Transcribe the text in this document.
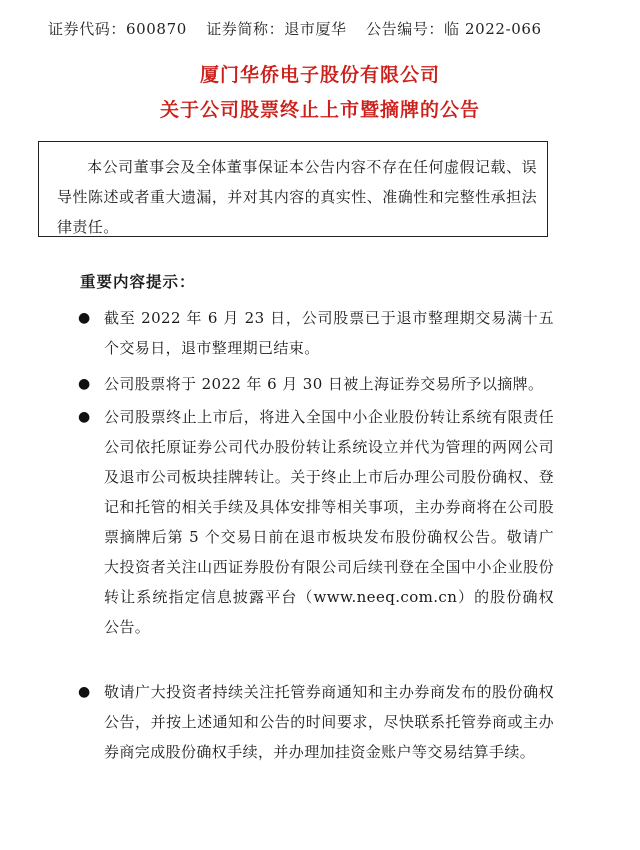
证券代码：600870 证券简称：退市厦华 公告编号：临 2022-066
厦门华侨电子股份有限公司
关于公司股票终止上市暨摘牌的公告
本公司董事会及全体董事保证本公告内容不存在任何虚假记载、误导性陈述或者重大遗漏，并对其内容的真实性、准确性和完整性承担法律责任。
重要内容提示：
● 截至 2022 年 6 月 23 日，公司股票已于退市整理期交易满十五个交易日，退市整理期已结束。
● 公司股票将于 2022 年 6 月 30 日被上海证券交易所予以摘牌。
● 公司股票终止上市后，将进入全国中小企业股份转让系统有限责任公司依托原证券公司代办股份转让系统设立并代为管理的两网公司及退市公司板块挂牌转让。关于终止上市后办理公司股份确权、登记和托管的相关手续及具体安排等相关事项，主办券商将在公司股票摘牌后第 5 个交易日前在退市板块发布股份确权公告。敬请广大投资者关注山西证券股份有限公司后续刊登在全国中小企业股份转让系统指定信息披露平台（www.neeq.com.cn）的股份确权公告。
● 敬请广大投资者持续关注托管券商通知和主办券商发布的股份确权公告，并按上述通知和公告的时间要求，尽快联系托管券商或主办券商完成股份确权手续，并办理加挂资金账户等交易结算手续。
